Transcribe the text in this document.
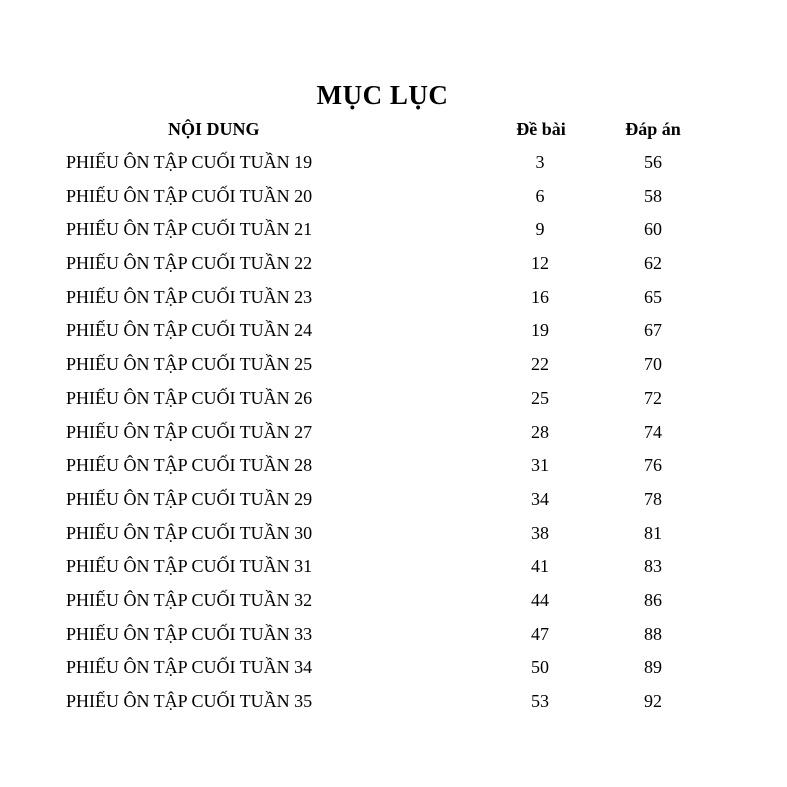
MỤC LỤC
NỘI DUNG	Đề bài	Đáp án
PHIẾU ÔN TẬP CUỐI TUẦN 19	3	56
PHIẾU ÔN TẬP CUỐI TUẦN 20	6	58
PHIẾU ÔN TẬP CUỐI TUẦN 21	9	60
PHIẾU ÔN TẬP CUỐI TUẦN 22	12	62
PHIẾU ÔN TẬP CUỐI TUẦN 23	16	65
PHIẾU ÔN TẬP CUỐI TUẦN 24	19	67
PHIẾU ÔN TẬP CUỐI TUẦN 25	22	70
PHIẾU ÔN TẬP CUỐI TUẦN 26	25	72
PHIẾU ÔN TẬP CUỐI TUẦN 27	28	74
PHIẾU ÔN TẬP CUỐI TUẦN 28	31	76
PHIẾU ÔN TẬP CUỐI TUẦN 29	34	78
PHIẾU ÔN TẬP CUỐI TUẦN 30	38	81
PHIẾU ÔN TẬP CUỐI TUẦN 31	41	83
PHIẾU ÔN TẬP CUỐI TUẦN 32	44	86
PHIẾU ÔN TẬP CUỐI TUẦN 33	47	88
PHIẾU ÔN TẬP CUỐI TUẦN 34	50	89
PHIẾU ÔN TẬP CUỐI TUẦN 35	53	92
